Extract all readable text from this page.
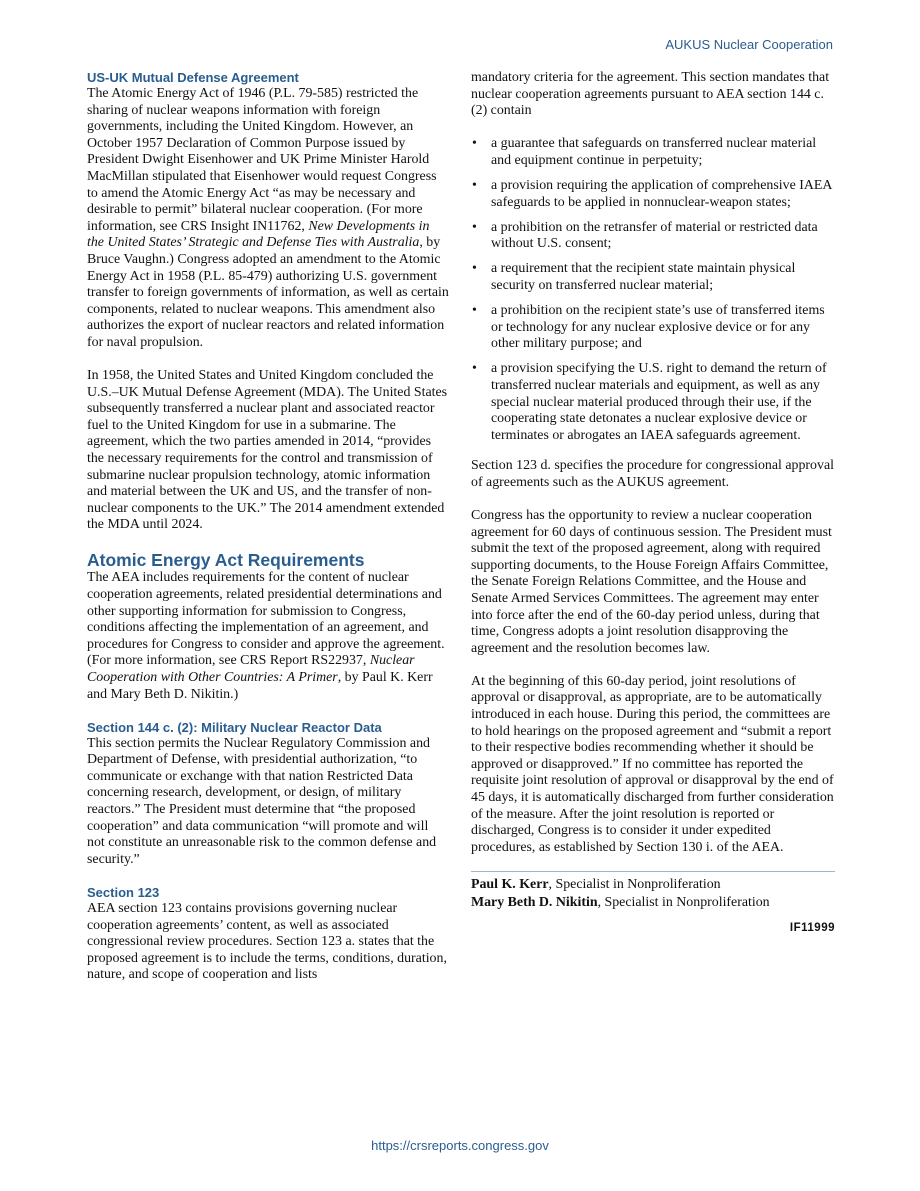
AUKUS Nuclear Cooperation
US-UK Mutual Defense Agreement

The Atomic Energy Act of 1946 (P.L. 79-585) restricted the sharing of nuclear weapons information with foreign governments, including the United Kingdom. However, an October 1957 Declaration of Common Purpose issued by President Dwight Eisenhower and UK Prime Minister Harold MacMillan stipulated that Eisenhower would request Congress to amend the Atomic Energy Act “as may be necessary and desirable to permit” bilateral nuclear cooperation. (For more information, see CRS Insight IN11762, New Developments in the United States’ Strategic and Defense Ties with Australia, by Bruce Vaughn.) Congress adopted an amendment to the Atomic Energy Act in 1958 (P.L. 85-479) authorizing U.S. government transfer to foreign governments of information, as well as certain components, related to nuclear weapons. This amendment also authorizes the export of nuclear reactors and related information for naval propulsion.

In 1958, the United States and United Kingdom concluded the U.S.–UK Mutual Defense Agreement (MDA). The United States subsequently transferred a nuclear plant and associated reactor fuel to the United Kingdom for use in a submarine. The agreement, which the two parties amended in 2014, “provides the necessary requirements for the control and transmission of submarine nuclear propulsion technology, atomic information and material between the UK and US, and the transfer of non-nuclear components to the UK.” The 2014 amendment extended the MDA until 2024.

Atomic Energy Act Requirements

The AEA includes requirements for the content of nuclear cooperation agreements, related presidential determinations and other supporting information for submission to Congress, conditions affecting the implementation of an agreement, and procedures for Congress to consider and approve the agreement. (For more information, see CRS Report RS22937, Nuclear Cooperation with Other Countries: A Primer, by Paul K. Kerr and Mary Beth D. Nikitin.)

Section 144 c. (2): Military Nuclear Reactor Data

This section permits the Nuclear Regulatory Commission and Department of Defense, with presidential authorization, “to communicate or exchange with that nation Restricted Data concerning research, development, or design, of military reactors.” The President must determine that “the proposed cooperation” and data communication “will promote and will not constitute an unreasonable risk to the common defense and security.”

Section 123

AEA section 123 contains provisions governing nuclear cooperation agreements’ content, as well as associated congressional review procedures. Section 123 a. states that the proposed agreement is to include the terms, conditions, duration, nature, and scope of cooperation and lists

mandatory criteria for the agreement. This section mandates that nuclear cooperation agreements pursuant to AEA section 144 c. (2) contain

• a guarantee that safeguards on transferred nuclear material and equipment continue in perpetuity;
• a provision requiring the application of comprehensive IAEA safeguards to be applied in nonnuclear-weapon states;
• a prohibition on the retransfer of material or restricted data without U.S. consent;
• a requirement that the recipient state maintain physical security on transferred nuclear material;
• a prohibition on the recipient state’s use of transferred items or technology for any nuclear explosive device or for any other military purpose; and
• a provision specifying the U.S. right to demand the return of transferred nuclear materials and equipment, as well as any special nuclear material produced through their use, if the cooperating state detonates a nuclear explosive device or terminates or abrogates an IAEA safeguards agreement.

Section 123 d. specifies the procedure for congressional approval of agreements such as the AUKUS agreement.

Congress has the opportunity to review a nuclear cooperation agreement for 60 days of continuous session. The President must submit the text of the proposed agreement, along with required supporting documents, to the House Foreign Affairs Committee, the Senate Foreign Relations Committee, and the House and Senate Armed Services Committees. The agreement may enter into force after the end of the 60-day period unless, during that time, Congress adopts a joint resolution disapproving the agreement and the resolution becomes law.

At the beginning of this 60-day period, joint resolutions of approval or disapproval, as appropriate, are to be automatically introduced in each house. During this period, the committees are to hold hearings on the proposed agreement and “submit a report to their respective bodies recommending whether it should be approved or disapproved.” If no committee has reported the requisite joint resolution of approval or disapproval by the end of 45 days, it is automatically discharged from further consideration of the measure. After the joint resolution is reported or discharged, Congress is to consider it under expedited procedures, as established by Section 130 i. of the AEA.

Paul K. Kerr, Specialist in Nonproliferation
Mary Beth D. Nikitin, Specialist in Nonproliferation
IF11999
https://crsreports.congress.gov
